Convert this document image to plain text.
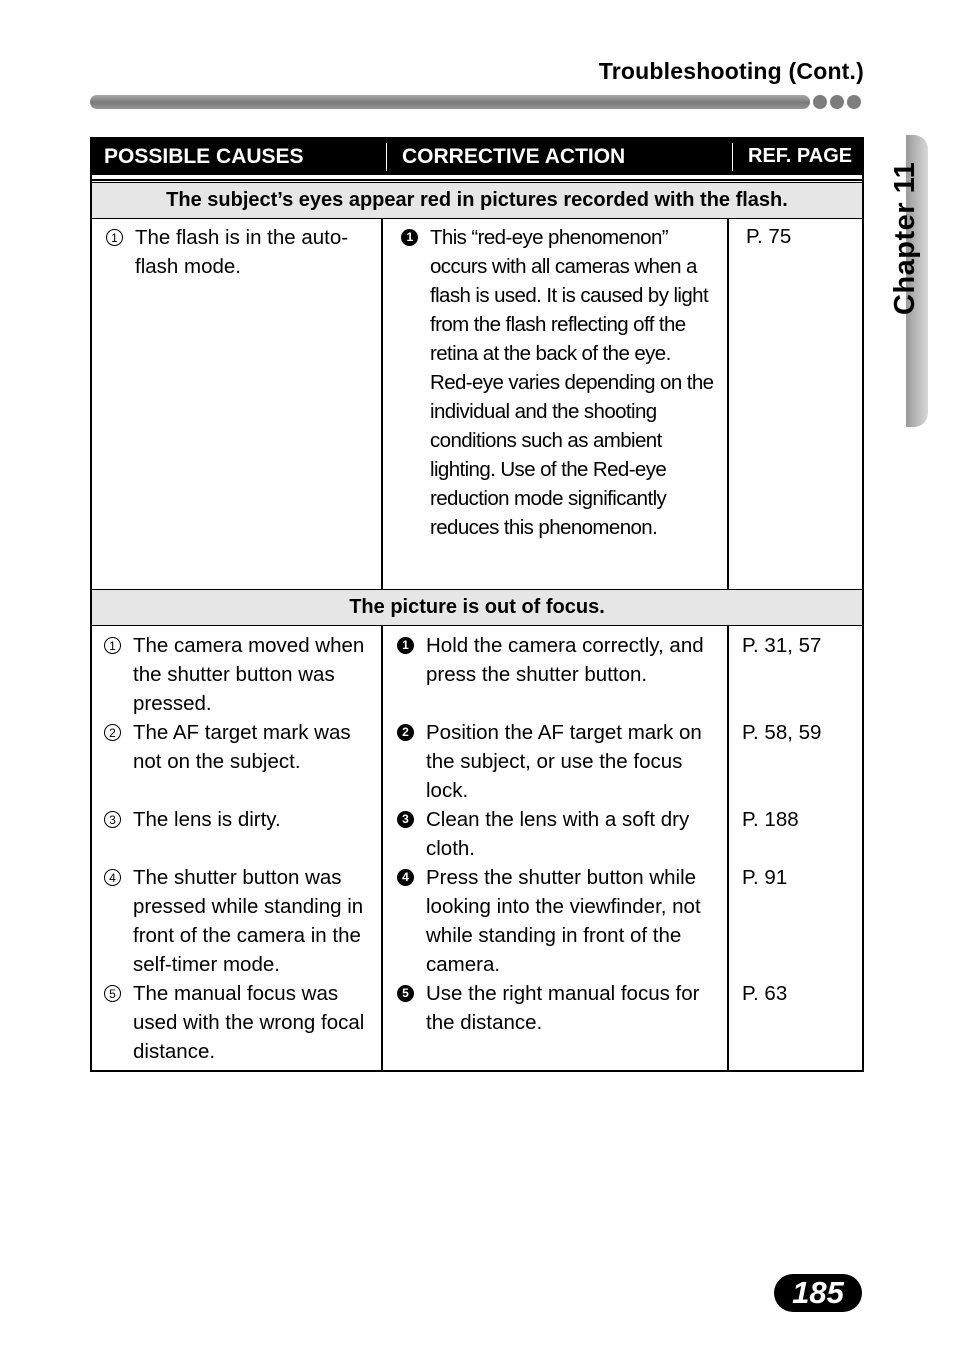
Troubleshooting (Cont.)
Chapter 11
POSSIBLE CAUSES	CORRECTIVE ACTION	REF. PAGE
The subject’s eyes appear red in pictures recorded with the flash.
1 The flash is in the auto-flash mode.
1 This “red-eye phenomenon” occurs with all cameras when a flash is used. It is caused by light from the flash reflecting off the retina at the back of the eye. Red-eye varies depending on the individual and the shooting conditions such as ambient lighting. Use of the Red-eye reduction mode significantly reduces this phenomenon.
P. 75
The picture is out of focus.
1 The camera moved when the shutter button was pressed.
2 The AF target mark was not on the subject.
3 The lens is dirty.
4 The shutter button was pressed while standing in front of the camera in the self-timer mode.
5 The manual focus was used with the wrong focal distance.
1 Hold the camera correctly, and press the shutter button.
2 Position the AF target mark on the subject, or use the focus lock.
3 Clean the lens with a soft dry cloth.
4 Press the shutter button while looking into the viewfinder, not while standing in front of the camera.
5 Use the right manual focus for the distance.
P. 31, 57
P. 58, 59
P. 188
P. 91
P. 63
185
